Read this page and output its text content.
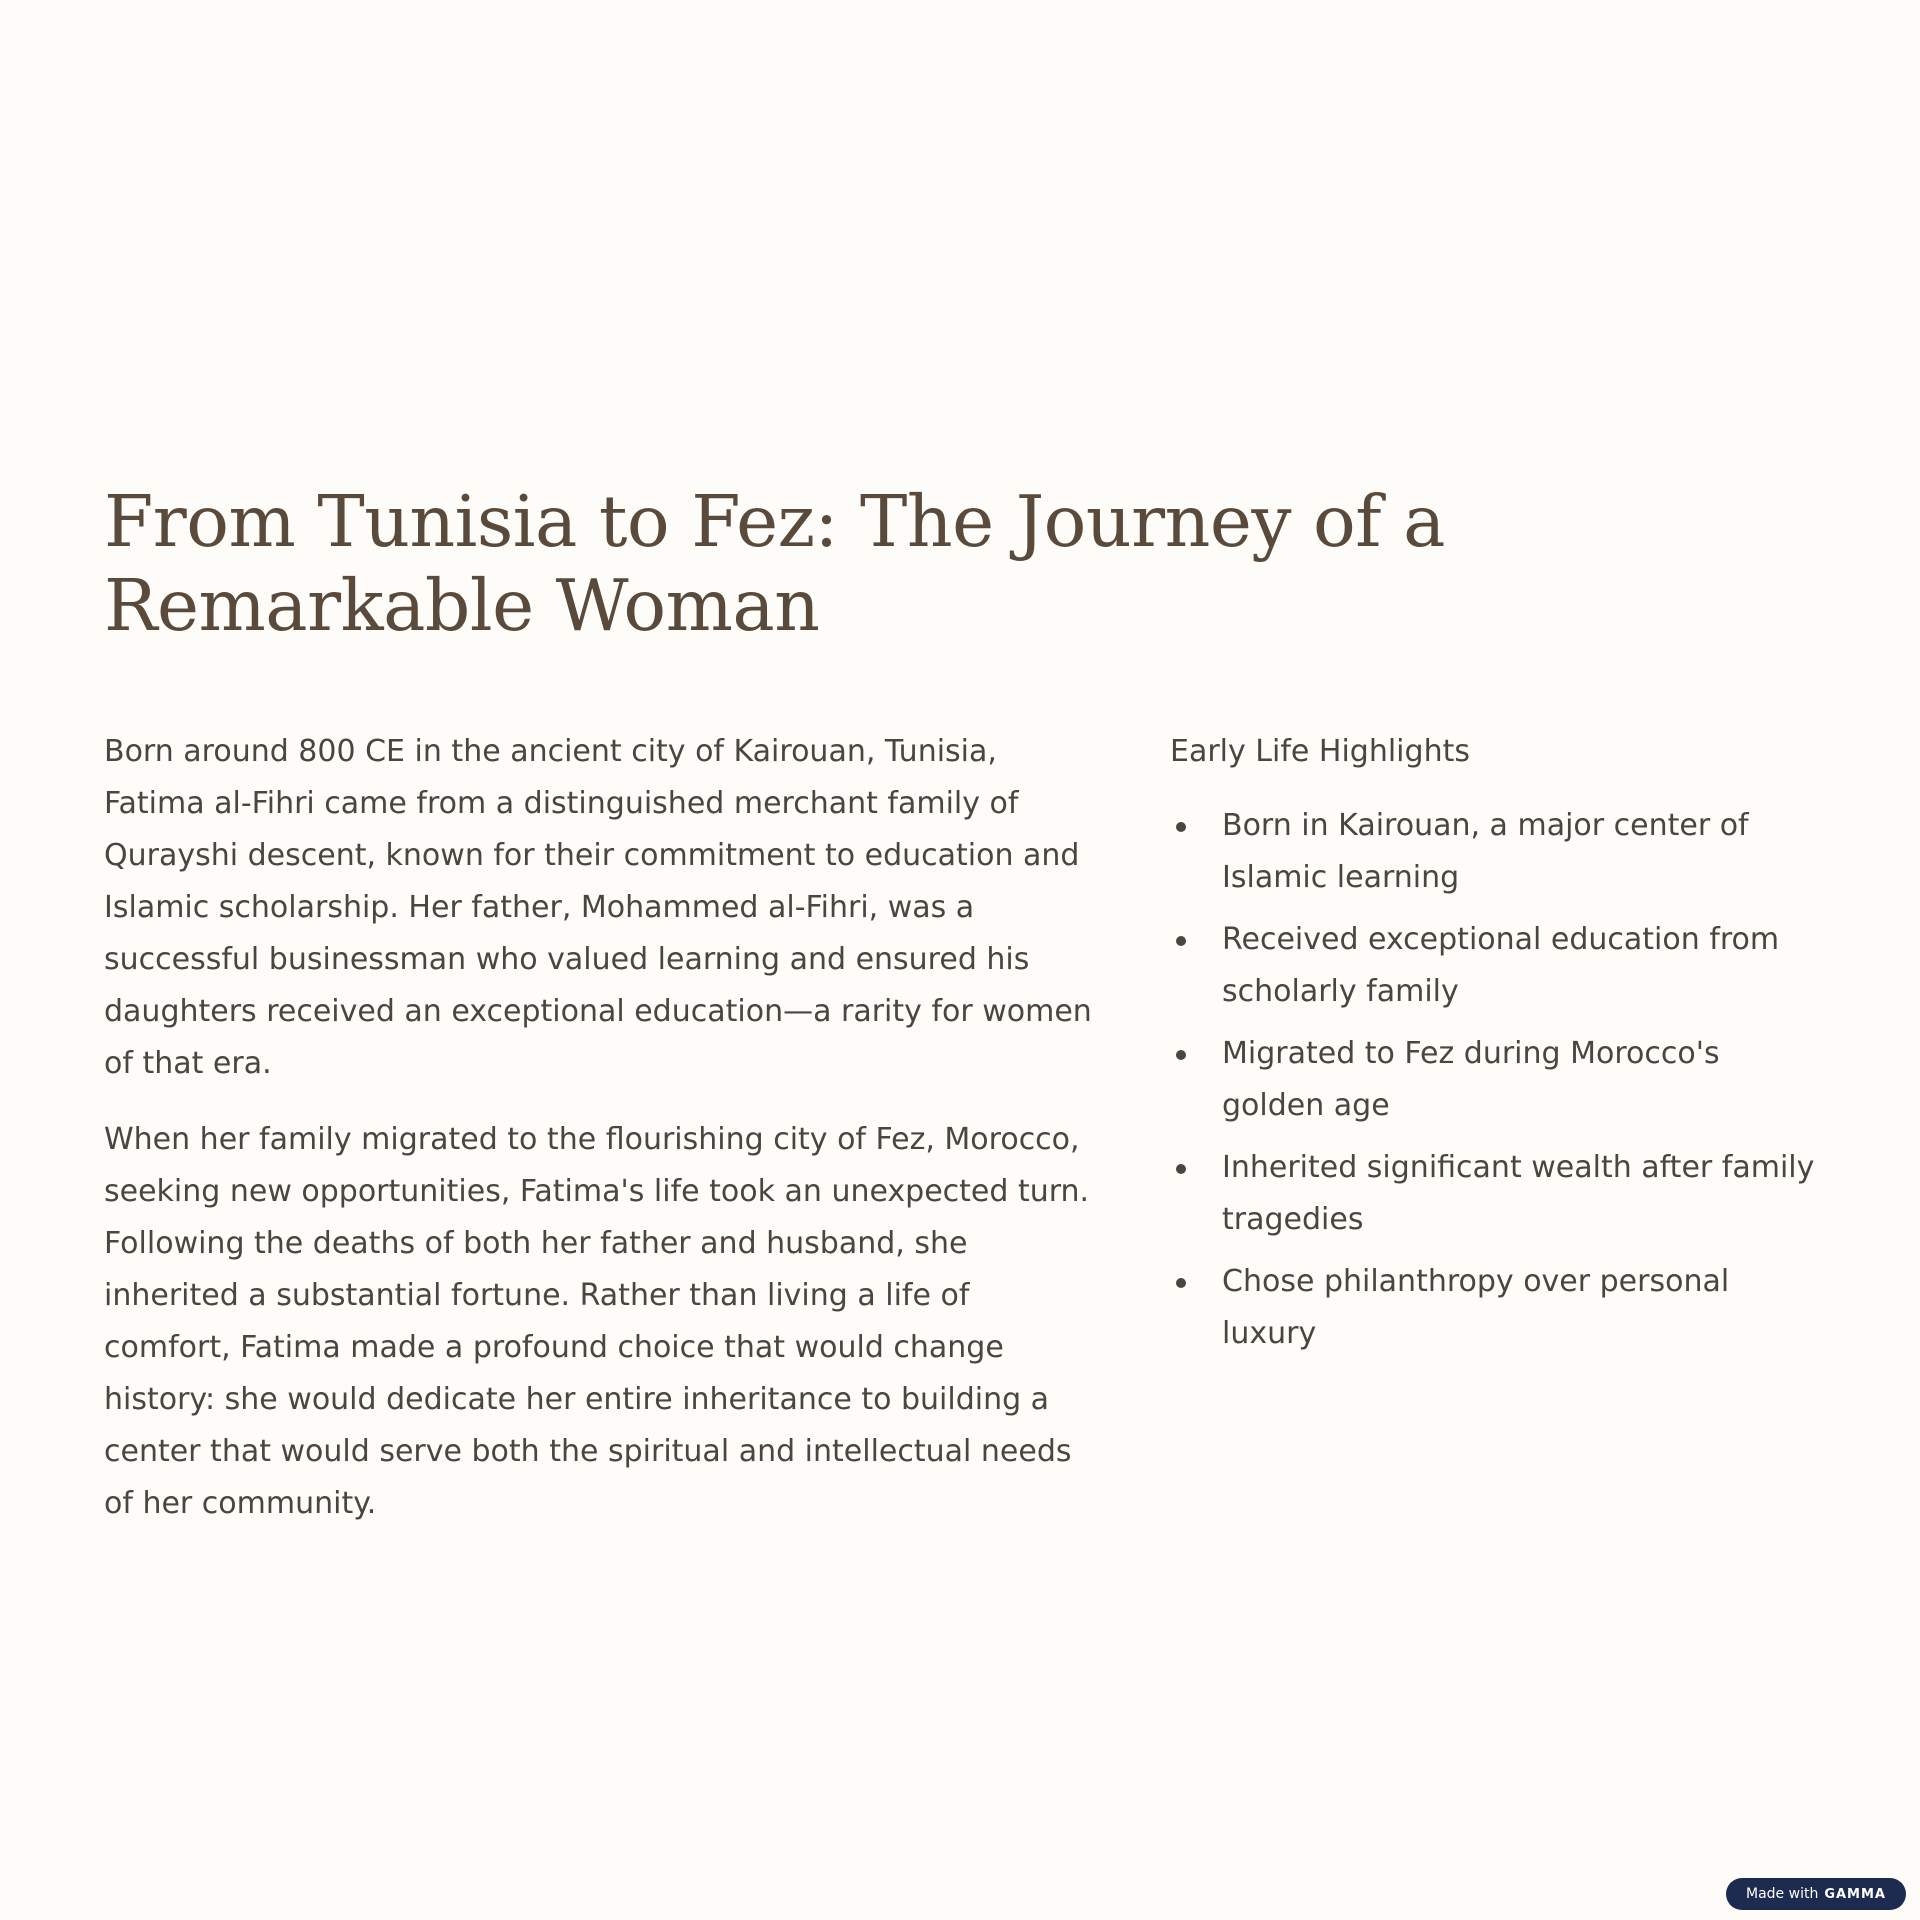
From Tunisia to Fez: The Journey of a Remarkable Woman

Born around 800 CE in the ancient city of Kairouan, Tunisia, Fatima al-Fihri came from a distinguished merchant family of Qurayshi descent, known for their commitment to education and Islamic scholarship. Her father, Mohammed al-Fihri, was a successful businessman who valued learning and ensured his daughters received an exceptional education—a rarity for women of that era.

When her family migrated to the flourishing city of Fez, Morocco, seeking new opportunities, Fatima's life took an unexpected turn. Following the deaths of both her father and husband, she inherited a substantial fortune. Rather than living a life of comfort, Fatima made a profound choice that would change history: she would dedicate her entire inheritance to building a center that would serve both the spiritual and intellectual needs of her community.

Early Life Highlights
Born in Kairouan, a major center of Islamic learning
Received exceptional education from scholarly family
Migrated to Fez during Morocco's golden age
Inherited significant wealth after family tragedies
Chose philanthropy over personal luxury
Made with GAMMA
